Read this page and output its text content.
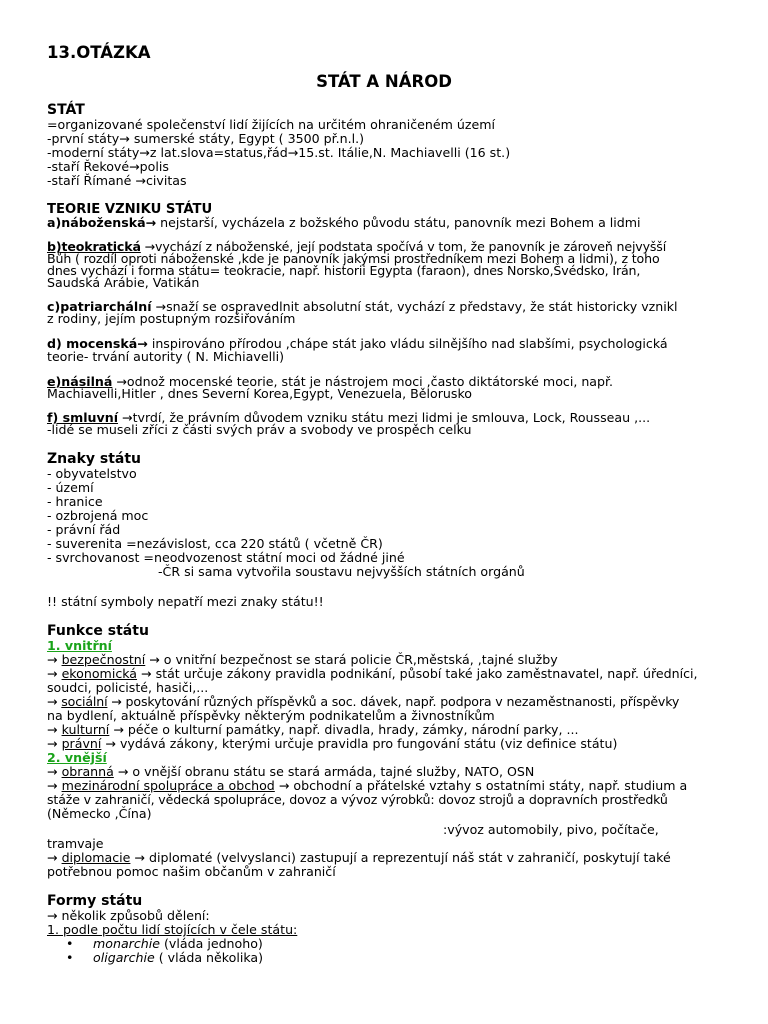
13.OTÁZKA
STÁT A NÁROD
STÁT
=organizované společenství lidí žijících na určitém ohraničeném území
-první státy→ sumerské státy, Egypt ( 3500 př.n.l.)
-moderní státy→z lat.slova=status,řád→15.st. Itálie,N. Machiavelli (16 st.)
-staří Řekové→polis
-staří Římané →civitas
TEORIE VZNIKU STÁTU
a)náboženská→ nejstarší, vycházela z božského původu státu, panovník mezi Bohem a lidmi
b)teokratická →vychází z náboženské, její podstata spočívá v tom, že panovník je zároveň nejvyšší
Bůh ( rozdíl oproti náboženské ,kde je panovník jakýmsi prostředníkem mezi Bohem a lidmi), z toho
dnes vychází i forma státu= teokracie, např. historii Egypta (faraon), dnes Norsko,Švédsko, Irán,
Saudská Arábie, Vatikán
c)patriarchální →snaží se ospravedlnit absolutní stát, vychází z představy, že stát historicky vznikl
z rodiny, jejím postupným rozšiřováním
d) mocenská→ inspirováno přírodou ,chápe stát jako vládu silnějšího nad slabšími, psychologická
teorie- trvání autority ( N. Michiavelli)
e)násilná →odnož mocenské teorie, stát je nástrojem moci ,často diktátorské moci, např.
Machiavelli,Hitler , dnes Severní Korea,Egypt, Venezuela, Bělorusko
f) smluvní →tvrdí, že právním důvodem vzniku státu mezi lidmi je smlouva, Lock, Rousseau ,...
-lidé se museli zříci z části svých práv a svobody ve prospěch celku
Znaky státu
- obyvatelstvo
- území
- hranice
- ozbrojená moc
- právní řád
- suverenita =nezávislost, cca 220 států ( včetně ČR)
- svrchovanost =neodvozenost státní moci od žádné jiné
-ČR si sama vytvořila soustavu nejvyšších státních orgánů
!! státní symboly nepatří mezi znaky státu!!
Funkce státu
1. vnitřní
→ bezpečnostní → o vnitřní bezpečnost se stará policie ČR,městská, ,tajné služby
→ ekonomická → stát určuje zákony pravidla podnikání, působí také jako zaměstnavatel, např. úředníci,
soudci, policisté, hasiči,...
→ sociální → poskytování různých příspěvků a soc. dávek, např. podpora v nezaměstnanosti, příspěvky
na bydlení, aktuálně příspěvky některým podnikatelům a živnostníkům
→ kulturní → péče o kulturní památky, např. divadla, hrady, zámky, národní parky, ...
→ právní → vydává zákony, kterými určuje pravidla pro fungování státu (viz definice státu)
2. vnější
→ obranná → o vnější obranu státu se stará armáda, tajné služby, NATO, OSN
→ mezinárodní spolupráce a obchod → obchodní a přátelské vztahy s ostatními státy, např. studium a
stáže v zahraničí, vědecká spolupráce, dovoz a vývoz výrobků: dovoz strojů a dopravních prostředků
(Německo ,Čína)
:vývoz automobily, pivo, počítače,
tramvaje
→ diplomacie → diplomaté (velvyslanci) zastupují a reprezentují náš stát v zahraničí, poskytují také
potřebnou pomoc našim občanům v zahraničí
Formy státu
→ několik způsobů dělení:
1. podle počtu lidí stojících v čele státu:
• monarchie (vláda jednoho)
• oligarchie ( vláda několika)
